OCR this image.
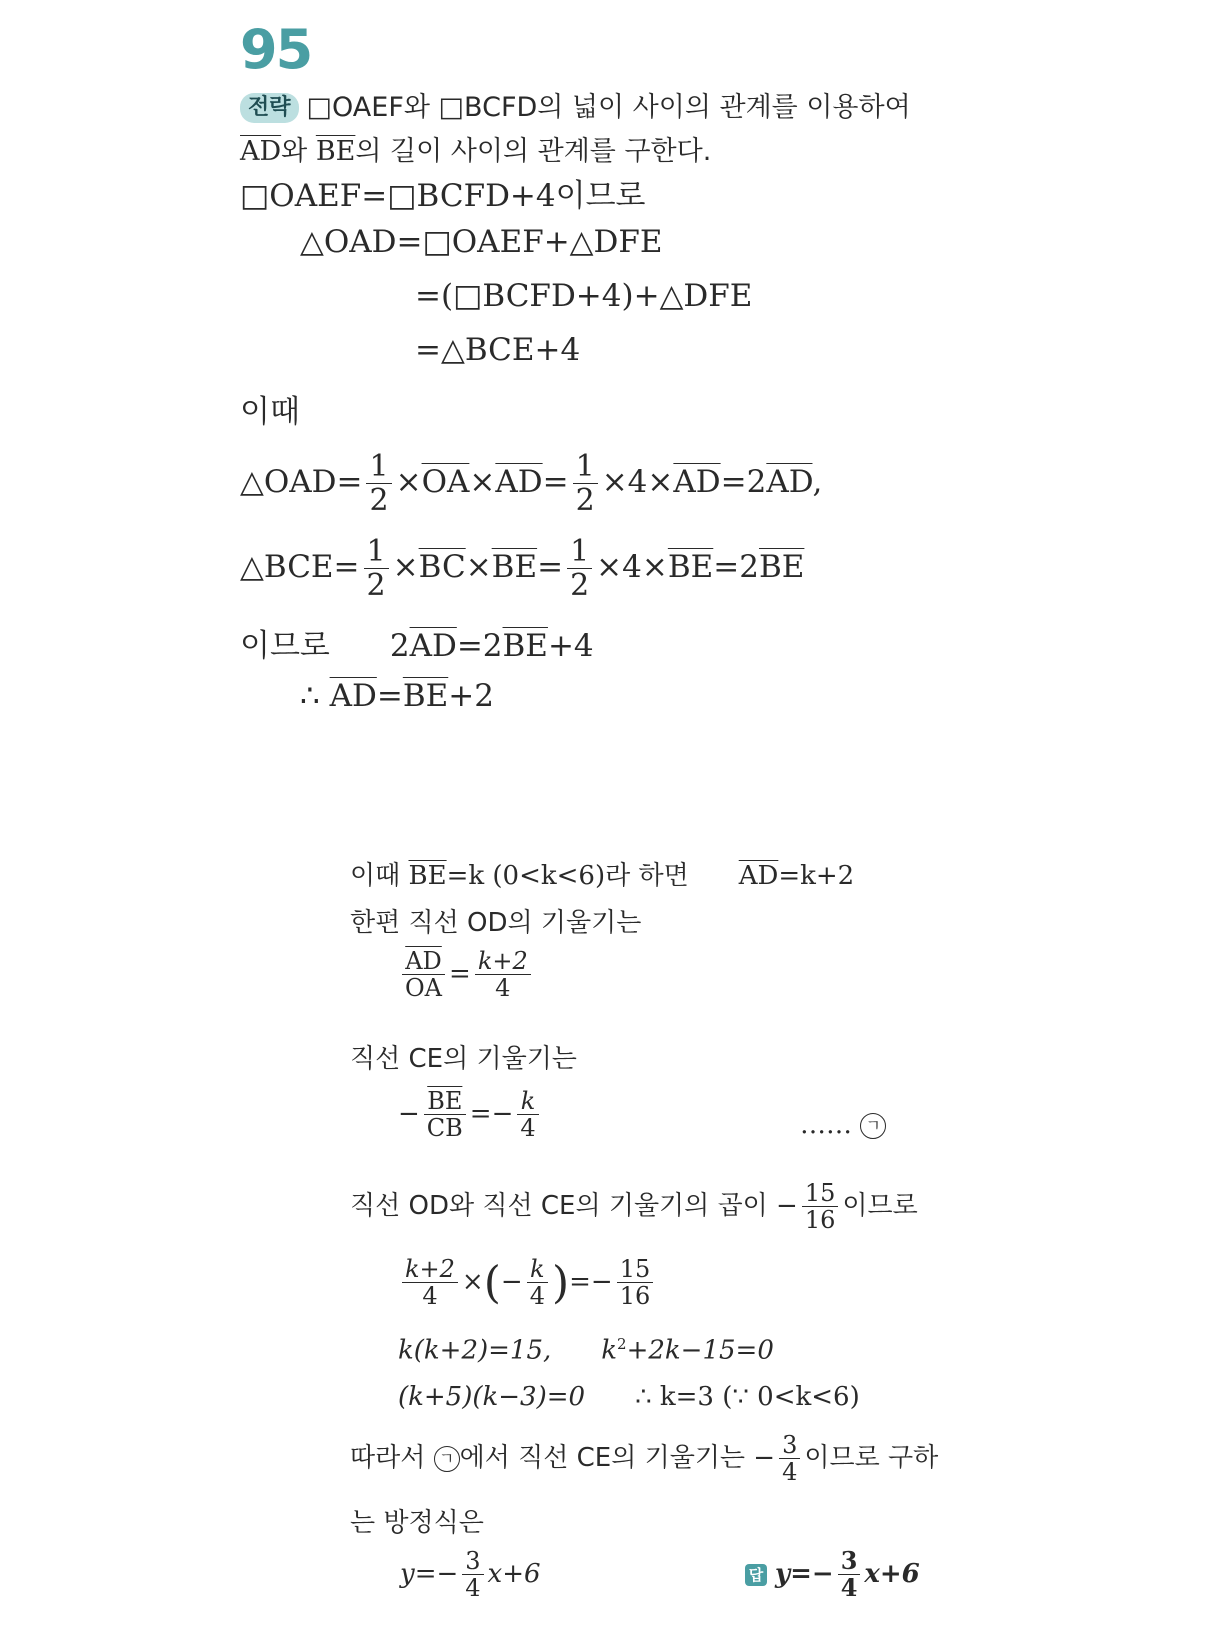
95
전략 □OAEF와 □BCFD의 넓이 사이의 관계를 이용하여
$\overline{AD}$와 $\overline{BE}$의 길이 사이의 관계를 구한다.
□OAEF=□BCFD+4이므로
△OAD=□OAEF+△DFE
=(□BCFD+4)+△DFE
=△BCE+4
이때
△OAD= $\frac{1}{2} \times\overline{OA}\times\overline{AD}= \frac{1}{2} \times 4\times\overline{AD}=2\overline{AD}$,
△BCE= $\frac{1}{2} \times\overline{BC}\times\overline{BE}= \frac{1}{2} \times 4\times\overline{BE}=2\overline{BE}$
이므로 $2\overline{AD}=2\overline{BE}+4$
∴ $\overline{AD}=\overline{BE}+2$
이때 $\overline{BE}=k$ (0<k<6)라 하면 $\overline{AD}=k+2$
한편 직선 OD의 기울기는
$\frac{\overline{AD}}{OA} = \frac{k+2}{4}$
직선 CE의 기울기는
− $\frac{\overline{BE}}{CB} =- \frac{k}{4}$	…… ㄱ
직선 OD와 직선 CE의 기울기의 곱이 − $\frac{15}{16}$ 이므로
$\frac{k+2}{4}$ ×(− $\frac{k}{4}$ )=− $\frac{15}{16}$
k(k+2)=15, $k^2+2k-15=0$
(k+5)(k−3)=0 ∴ k=3 (∵ 0<k<6)
따라서 ㄱ 에서 직선 CE의 기울기는 − $\frac{3}{4}$ 이므로 구하
는 방정식은
$y=- \frac{3}{4} x+6$	답 $y=- \frac{3}{4} x+6$
